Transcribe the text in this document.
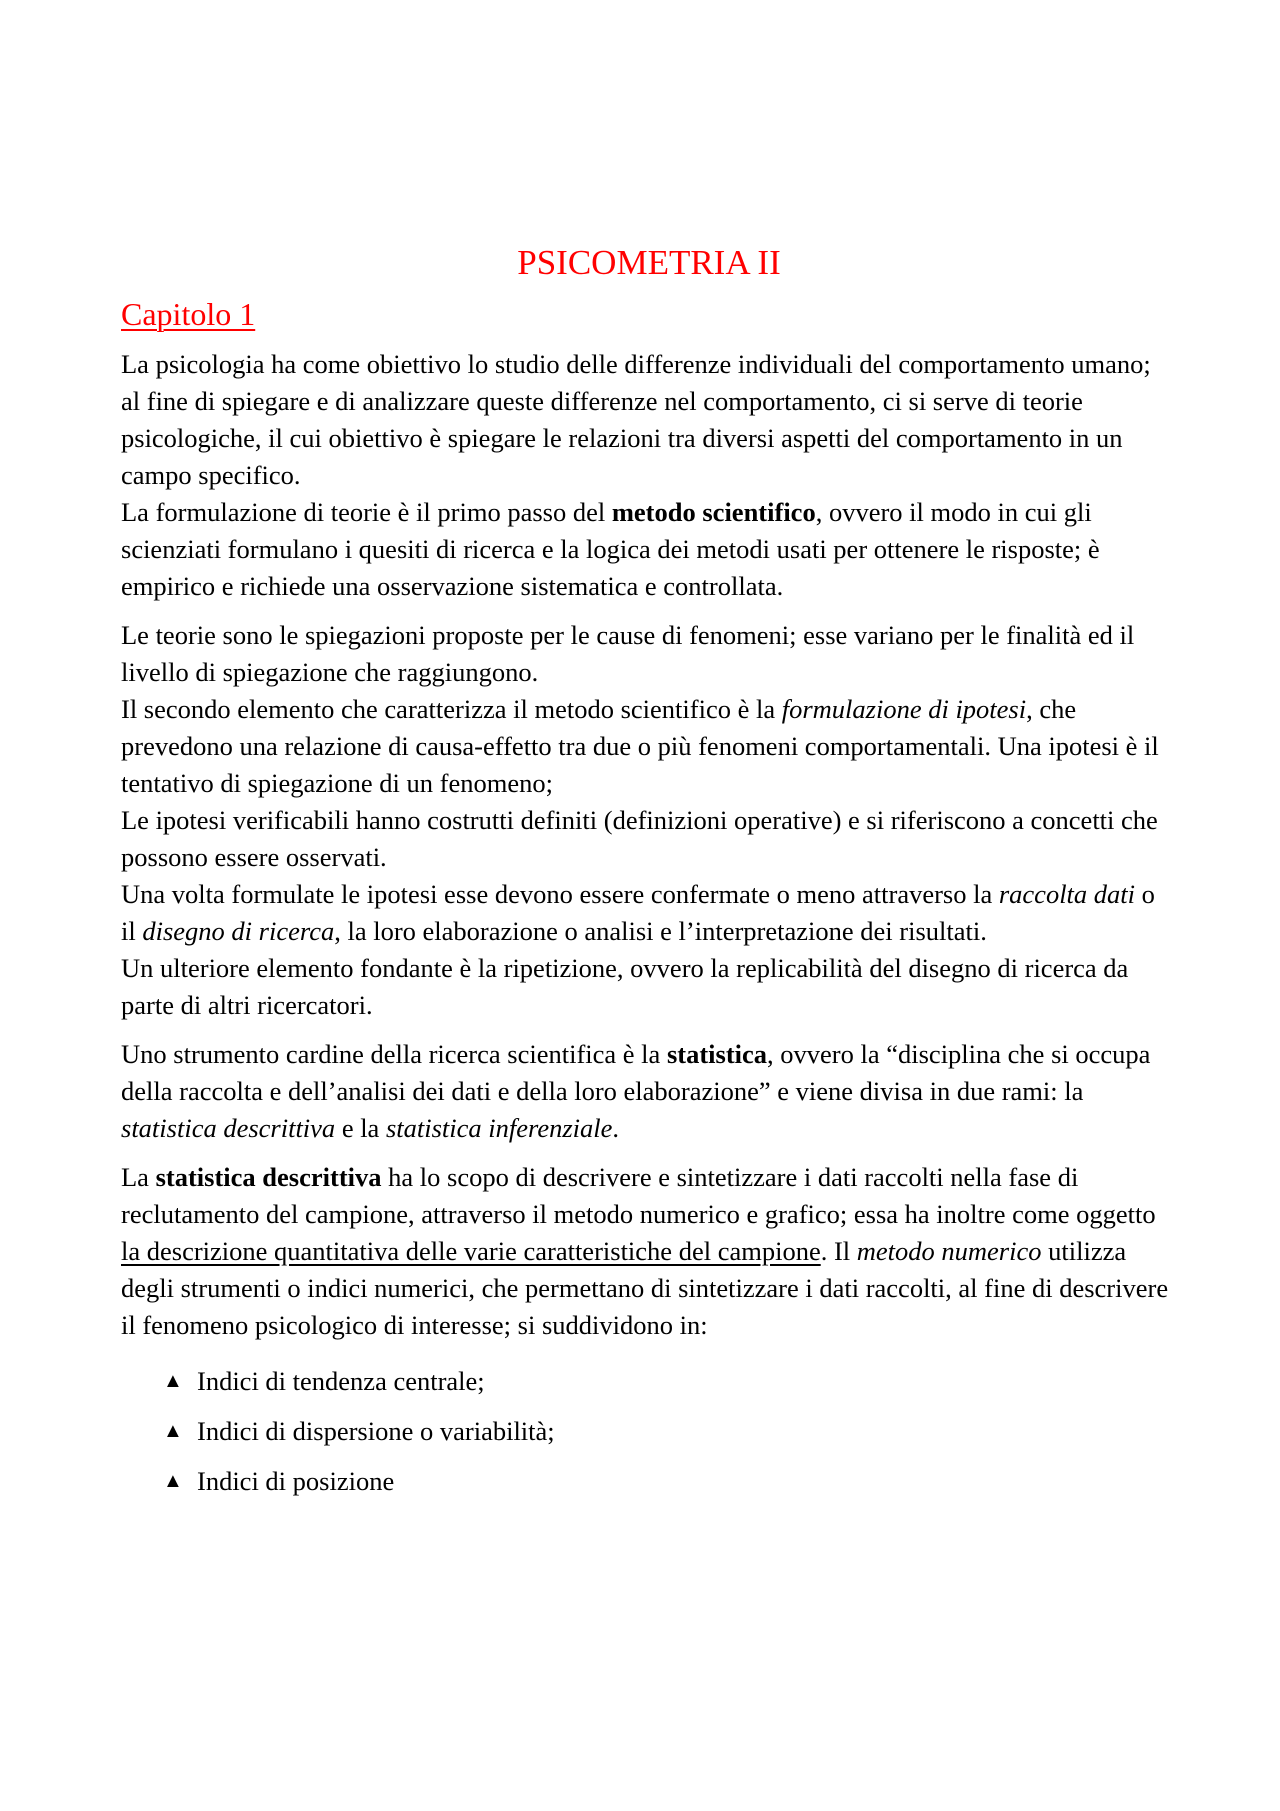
PSICOMETRIA II
Capitolo 1

La psicologia ha come obiettivo lo studio delle differenze individuali del comportamento umano;

al fine di spiegare e di analizzare queste differenze nel comportamento, ci si serve di teorie psicologiche, il cui obiettivo è spiegare le relazioni tra diversi aspetti del comportamento in un campo specifico.

La formulazione di teorie è il primo passo del metodo scientifico, ovvero il modo in cui gli scienziati formulano i quesiti di ricerca e la logica dei metodi usati per ottenere le risposte; è empirico e richiede una osservazione sistematica e controllata.

Le teorie sono le spiegazioni proposte per le cause di fenomeni; esse variano per le finalità ed il livello di spiegazione che raggiungono.

Il secondo elemento che caratterizza il metodo scientifico è la formulazione di ipotesi, che prevedono una relazione di causa-effetto tra due o più fenomeni comportamentali. Una ipotesi è il tentativo di spiegazione di un fenomeno;

Le ipotesi verificabili hanno costrutti definiti (definizioni operative) e si riferiscono a concetti che possono essere osservati.

Una volta formulate le ipotesi esse devono essere confermate o meno attraverso la raccolta dati o il disegno di ricerca, la loro elaborazione o analisi e l’interpretazione dei risultati.

Un ulteriore elemento fondante è la ripetizione, ovvero la replicabilità del disegno di ricerca da parte di altri ricercatori.

Uno strumento cardine della ricerca scientifica è la statistica, ovvero la “disciplina che si occupa della raccolta e dell’analisi dei dati e della loro elaborazione” e viene divisa in due rami: la statistica descrittiva e la statistica inferenziale.

La statistica descrittiva ha lo scopo di descrivere e sintetizzare i dati raccolti nella fase di reclutamento del campione, attraverso il metodo numerico e grafico; essa ha inoltre come oggetto la descrizione quantitativa delle varie caratteristiche del campione. Il metodo numerico utilizza degli strumenti o indici numerici, che permettano di sintetizzare i dati raccolti, al fine di descrivere il fenomeno psicologico di interesse; si suddividono in:

▲ Indici di tendenza centrale;
▲ Indici di dispersione o variabilità;
▲ Indici di posizione
